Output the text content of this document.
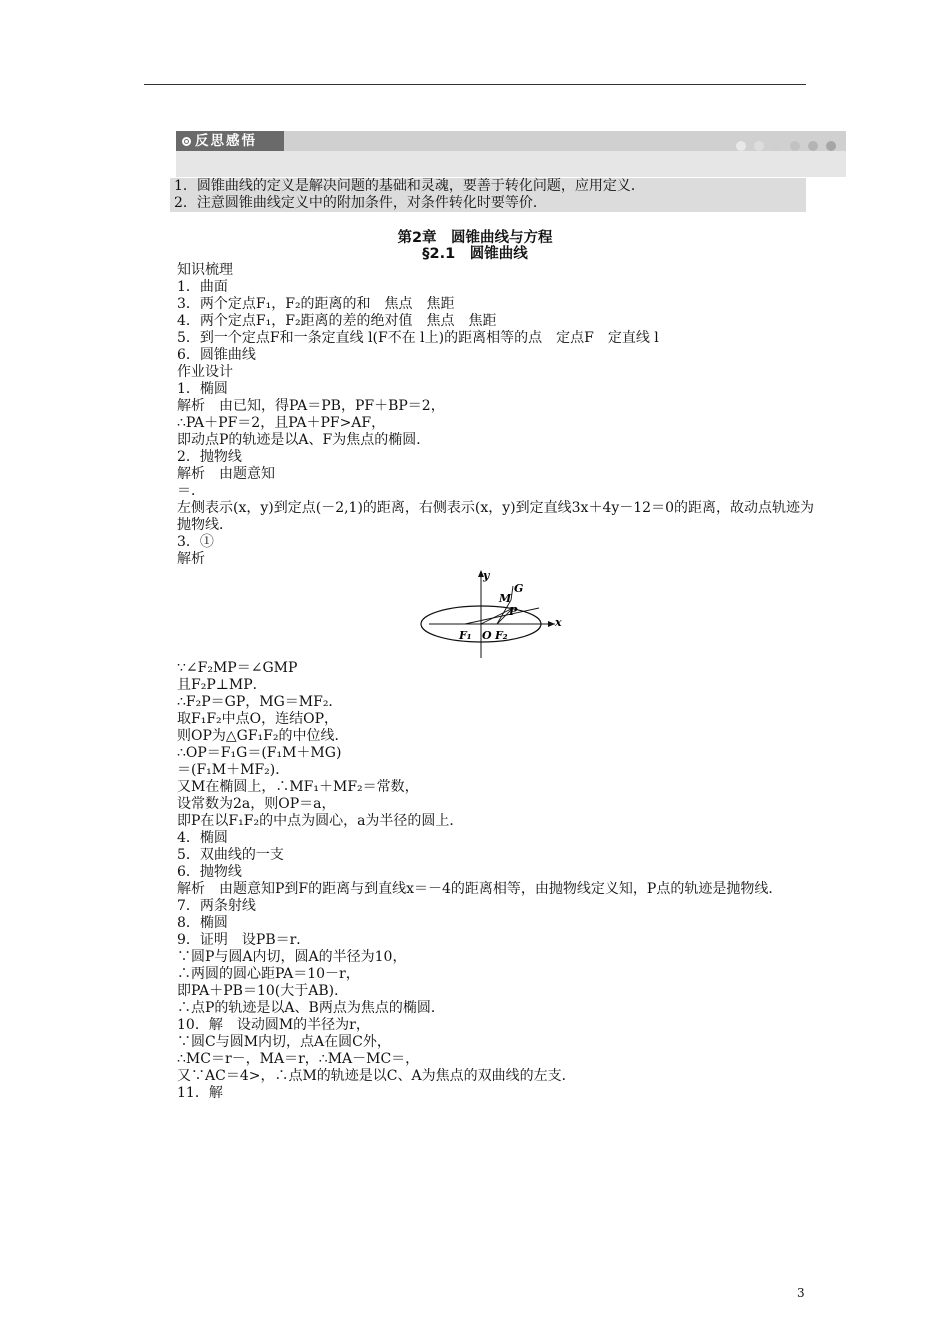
反思感悟
1．圆锥曲线的定义是解决问题的基础和灵魂，要善于转化问题，应用定义．
2．注意圆锥曲线定义中的附加条件，对条件转化时要等价．
第2章　圆锥曲线与方程
§2.1　圆锥曲线
知识梳理
1．曲面
3．两个定点F₁，F₂的距离的和　焦点　焦距
4．两个定点F₁，F₂距离的差的绝对值　焦点　焦距
5．到一个定点F和一条定直线 l(F不在 l上)的距离相等的点　定点F　定直线 l
6．圆锥曲线
作业设计
1．椭圆
解析　由已知，得PA＝PB，PF＋BP＝2，
∴PA＋PF＝2，且PA＋PF>AF，
即动点P的轨迹是以A、F为焦点的椭圆．
2．抛物线
解析　由题意知
＝．
左侧表示(x，y)到定点(－2,1)的距离，右侧表示(x，y)到定直线3x＋4y－12＝0的距离，故动点轨迹为抛物线．
3．①
解析
y
x
G
M
P
F₁ O F₂
∵∠F₂MP＝∠GMP
且F₂P⊥MP．
∴F₂P＝GP，MG＝MF₂．
取F₁F₂中点O，连结OP，
则OP为△GF₁F₂的中位线．
∴OP＝F₁G＝(F₁M＋MG)
＝(F₁M＋MF₂)．
又M在椭圆上，∴MF₁＋MF₂＝常数，
设常数为2a，则OP＝a，
即P在以F₁F₂的中点为圆心，a为半径的圆上．
4．椭圆
5．双曲线的一支
6．抛物线
解析　由题意知P到F的距离与到直线x＝－4的距离相等，由抛物线定义知，P点的轨迹是抛物线．
7．两条射线
8．椭圆
9．证明　设PB＝r．
∵圆P与圆A内切，圆A的半径为10，
∴两圆的圆心距PA＝10－r，
即PA＋PB＝10(大于AB)．
∴点P的轨迹是以A、B两点为焦点的椭圆．
10．解　设动圆M的半径为r，
∵圆C与圆M内切，点A在圆C外，
∴MC＝r－，MA＝r，∴MA－MC＝，
又∵AC＝4>，∴点M的轨迹是以C、A为焦点的双曲线的左支．
11．解
3
